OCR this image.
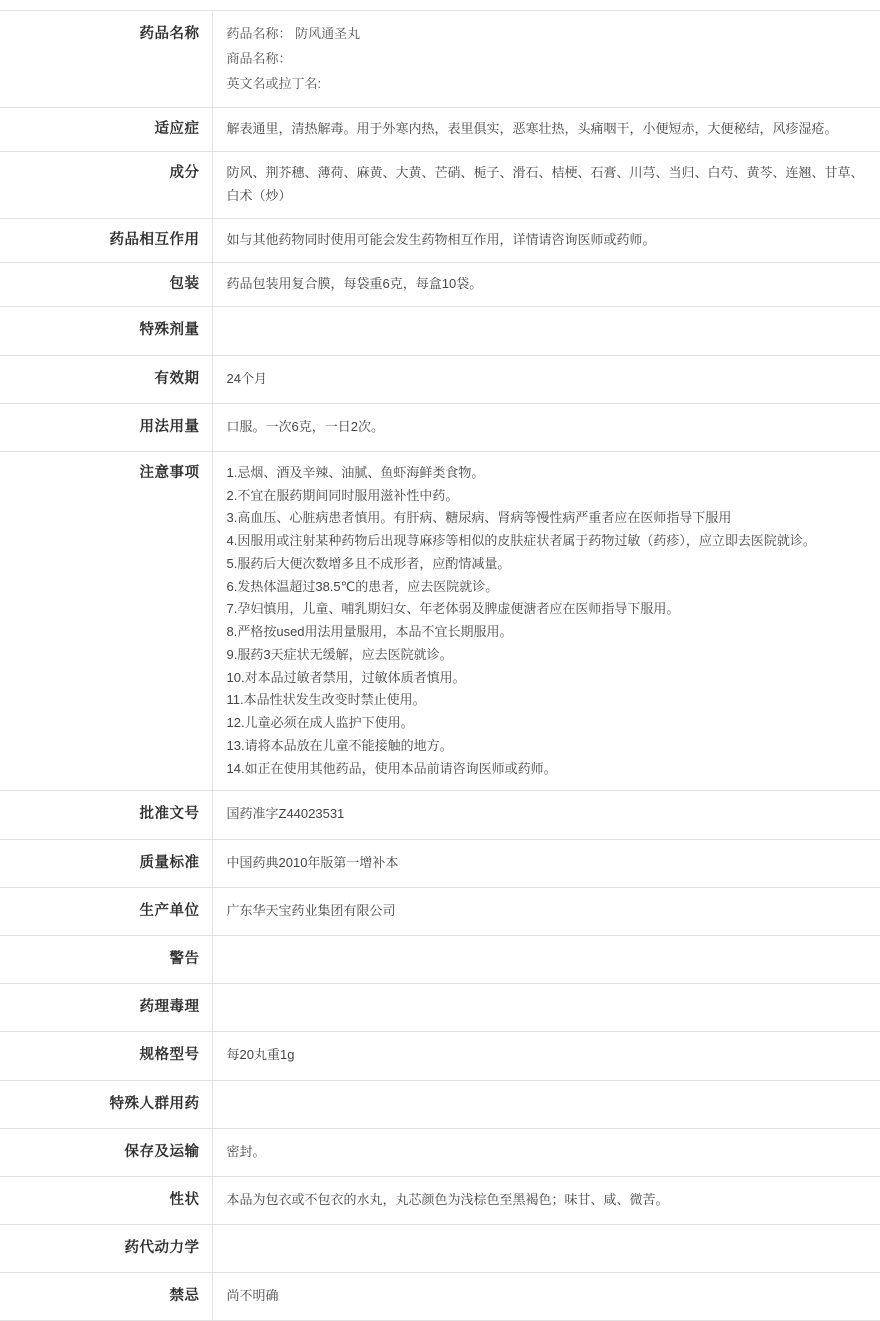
药品名称	药品名称： 防风通圣丸
商品名称：
英文名或拉丁名:

适应症	解表通里，清热解毒。用于外寒内热，表里俱实，恶寒壮热，头痛咽干，小便短赤，大便秘结，风疹湿疮。

成分	防风、荆芥穗、薄荷、麻黄、大黄、芒硝、栀子、滑石、桔梗、石膏、川芎、当归、白芍、黄芩、连翘、甘草、白术（炒）

药品相互作用	如与其他药物同时使用可能会发生药物相互作用，详情请咨询医师或药师。

包装	药品包装用复合膜，每袋重6克，每盒10袋。

特殊剂量	

有效期	24个月

用法用量	口服。一次6克，一日2次。

注意事项	1.忌烟、酒及辛辣、油腻、鱼虾海鲜类食物。
2.不宜在服药期间同时服用滋补性中药。
3.高血压、心脏病患者慎用。有肝病、糖尿病、肾病等慢性病严重者应在医师指导下服用
4.因服用或注射某种药物后出现荨麻疹等相似的皮肤症状者属于药物过敏（药疹），应立即去医院就诊。
5.服药后大便次数增多且不成形者，应酌情减量。
6.发热体温超过38.5℃的患者，应去医院就诊。
7.孕妇慎用，儿童、哺乳期妇女、年老体弱及脾虚便溏者应在医师指导下服用。
8.严格按used用法用量服用，本品不宜长期服用。
9.服药3天症状无缓解，应去医院就诊。
10.对本品过敏者禁用，过敏体质者慎用。
11.本品性状发生改变时禁止使用。
12.儿童必须在成人监护下使用。
13.请将本品放在儿童不能接触的地方。
14.如正在使用其他药品，使用本品前请咨询医师或药师。

批准文号	国药准字Z44023531

质量标准	中国药典2010年版第一增补本

生产单位	广东华天宝药业集团有限公司

警告	

药理毒理	

规格型号	每20丸重1g

特殊人群用药	

保存及运输	密封。

性状	本品为包衣或不包衣的水丸，丸芯颜色为浅棕色至黑褐色；味甘、咸、微苦。

药代动力学	

禁忌	尚不明确
